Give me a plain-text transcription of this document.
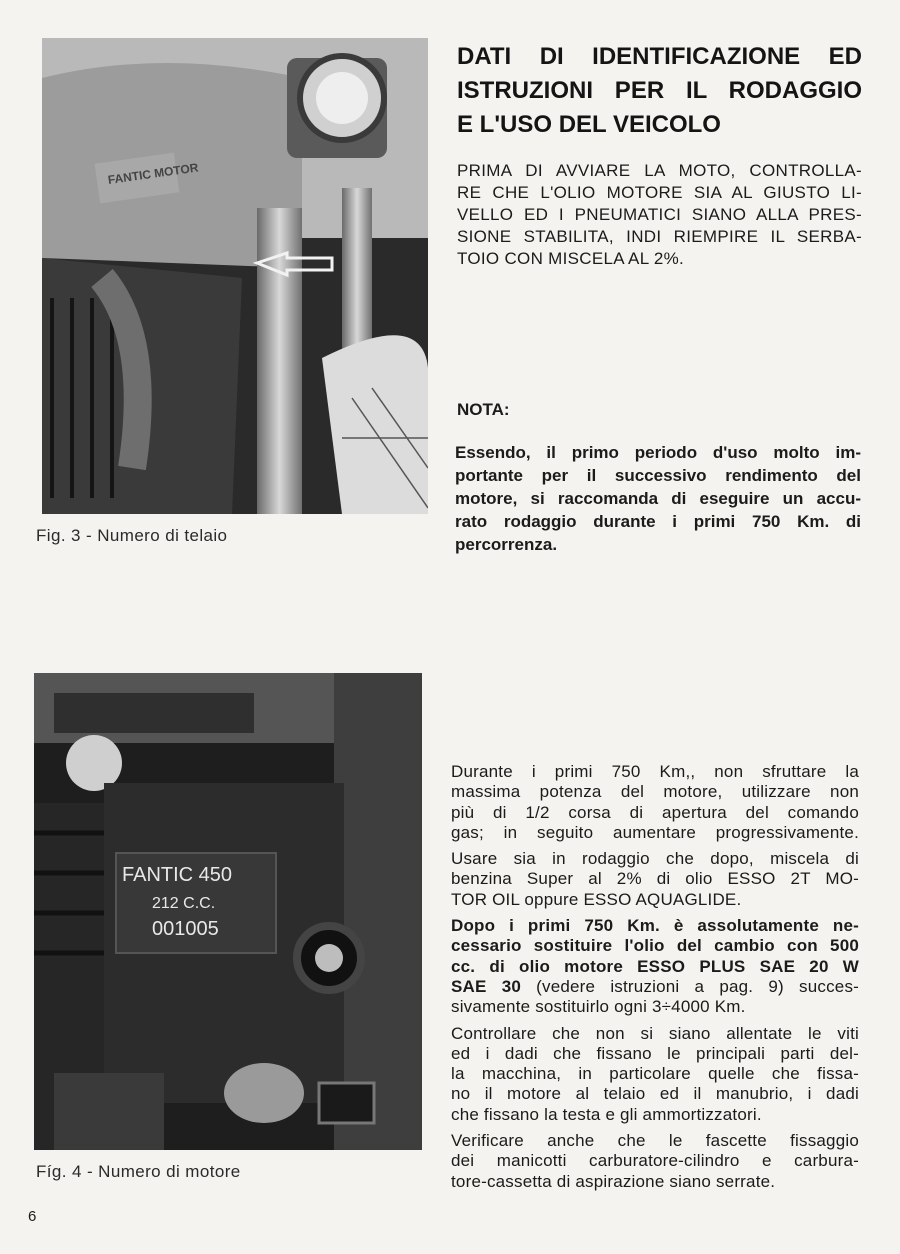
FANTIC MOTOR
Fig. 3 - Numero di telaio
FANTIC 450
212 C.C.
001005
Fíg. 4 - Numero di motore
DATI DI IDENTIFICAZIONE ED
ISTRUZIONI PER IL RODAGGIO
E L'USO DEL VEICOLO
PRIMA DI AVVIARE LA MOTO, CONTROLLA-
RE CHE L'OLIO MOTORE SIA AL GIUSTO LI-
VELLO ED I PNEUMATICI SIANO ALLA PRES-
SIONE STABILITA, INDI RIEMPIRE IL SERBA-
TOIO CON MISCELA AL 2%.
NOTA:
Essendo, il primo periodo d'uso molto im-
portante per il successivo rendimento del
motore, si raccomanda di eseguire un accu-
rato rodaggio durante i primi 750 Km. di
percorrenza.

Durante i primi 750 Km,, non sfruttare la
massima potenza del motore, utilizzare non
più di 1/2 corsa di apertura del comando
gas; in seguito aumentare progressivamente.

Usare sia in rodaggio che dopo, miscela di
benzina Super al 2% di olio ESSO 2T MO-
TOR OIL oppure ESSO AQUAGLIDE.

Dopo i primi 750 Km. è assolutamente ne-
cessario sostituire l'olio del cambio con 500
cc. di olio motore ESSO PLUS SAE 20 W
SAE 30 (vedere istruzioni a pag. 9) succes-
sivamente sostituirlo ogni 3÷4000 Km.

Controllare che non si siano allentate le viti
ed i dadi che fissano le principali parti del-
la macchina, in particolare quelle che fissa-
no il motore al telaio ed il manubrio, i dadi
che fissano la testa e gli ammortizzatori.

Verificare anche che le fascette fissaggio
dei manicotti carburatore-cilindro e carbura-
tore-cassetta di aspirazione siano serrate.

6
